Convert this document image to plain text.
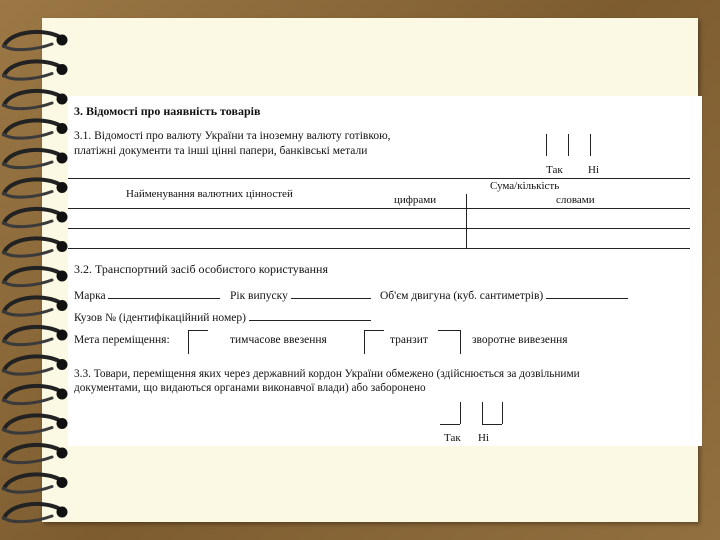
3. Відомості про наявність товарів
3.1. Відомості про валюту України та іноземну валюту готівкою,
платіжні документи та інші цінні папери, банківські метали
Так Ні
Найменування валютних цінностей
Сума/кількість
цифрами	словами
3.2. Транспортний засіб особистого користування
Марка	Рік випуску	Об'єм двигуна (куб. сантиметрів)
Кузов № (ідентифікаційний номер)
Мета переміщення:	тимчасове ввезення	транзит	зворотне вивезення
3.3. Товари, переміщення яких через державний кордон України обмежено (здійснюється за дозвільними
документами, що видаються органами виконавчої влади) або заборонено
Так Ні
